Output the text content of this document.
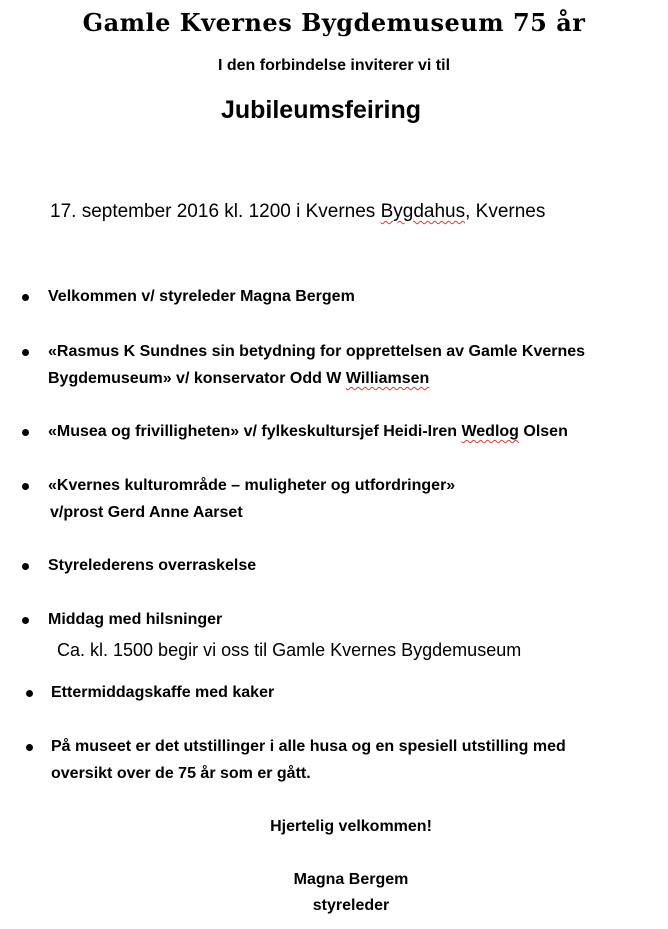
Gamle Kvernes Bygdemuseum 75 år
I den forbindelse inviterer vi til
Jubileumsfeiring
17. september 2016 kl. 1200 i Kvernes Bygdahus, Kvernes
Velkommen v/ styreleder Magna Bergem
«Rasmus K Sundnes sin betydning for opprettelsen av Gamle Kvernes
Bygdemuseum» v/ konservator Odd W Williamsen
«Musea og frivilligheten» v/ fylkeskultursjef Heidi-Iren Wedlog Olsen
«Kvernes kulturområde – muligheter og utfordringer»
v/prost Gerd Anne Aarset
Styrelederens overraskelse
Middag med hilsninger
Ca. kl. 1500 begir vi oss til Gamle Kvernes Bygdemuseum
Ettermiddagskaffe med kaker
På museet er det utstillinger i alle husa og en spesiell utstilling med
oversikt over de 75 år som er gått.
Hjertelig velkommen!
Magna Bergem
styreleder
